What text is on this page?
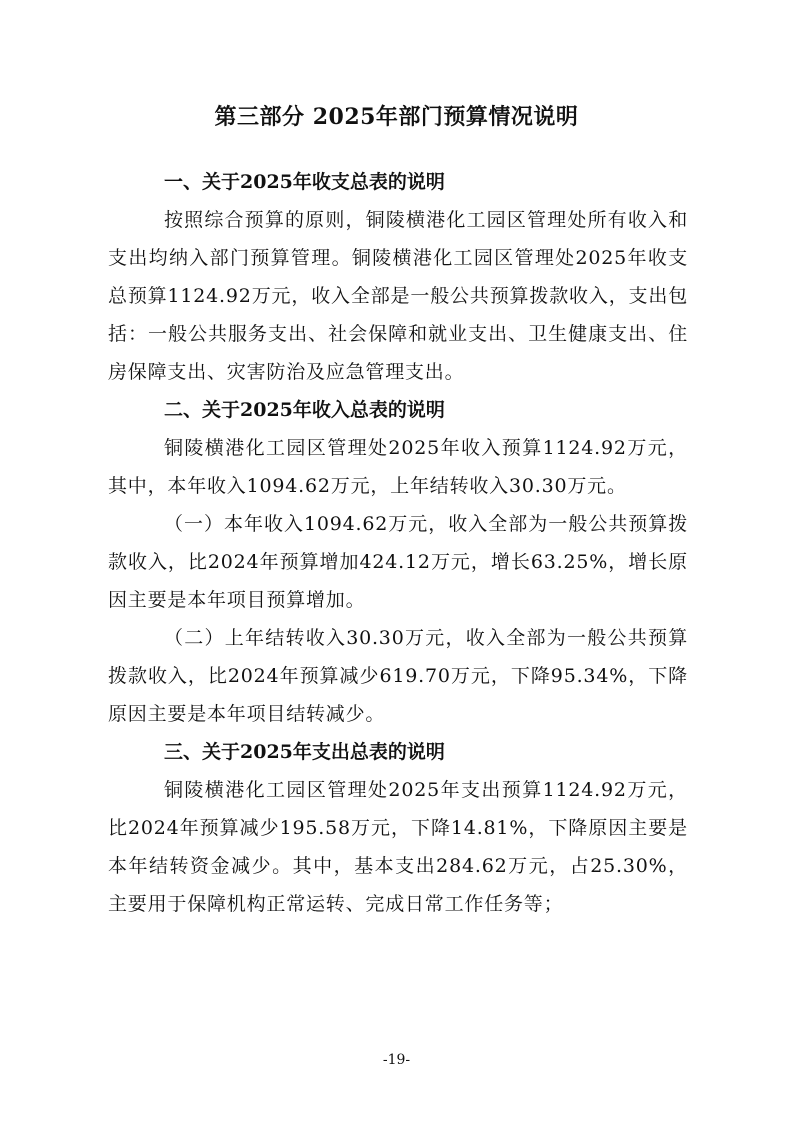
第三部分 2025年部门预算情况说明
一、关于2025年收支总表的说明

按照综合预算的原则，铜陵横港化工园区管理处所有收入和支出均纳入部门预算管理。铜陵横港化工园区管理处2025年收支总预算1124.92万元，收入全部是一般公共预算拨款收入，支出包括：一般公共服务支出、社会保障和就业支出、卫生健康支出、住房保障支出、灾害防治及应急管理支出。

二、关于2025年收入总表的说明

铜陵横港化工园区管理处2025年收入预算1124.92万元，其中，本年收入1094.62万元，上年结转收入30.30万元。

（一）本年收入1094.62万元，收入全部为一般公共预算拨款收入，比2024年预算增加424.12万元，增长63.25%，增长原因主要是本年项目预算增加。

（二）上年结转收入30.30万元，收入全部为一般公共预算拨款收入，比2024年预算减少619.70万元，下降95.34%，下降原因主要是本年项目结转减少。

三、关于2025年支出总表的说明

铜陵横港化工园区管理处2025年支出预算1124.92万元，比2024年预算减少195.58万元，下降14.81%，下降原因主要是本年结转资金减少。其中，基本支出284.62万元，占25.30%，主要用于保障机构正常运转、完成日常工作任务等；

-19-
